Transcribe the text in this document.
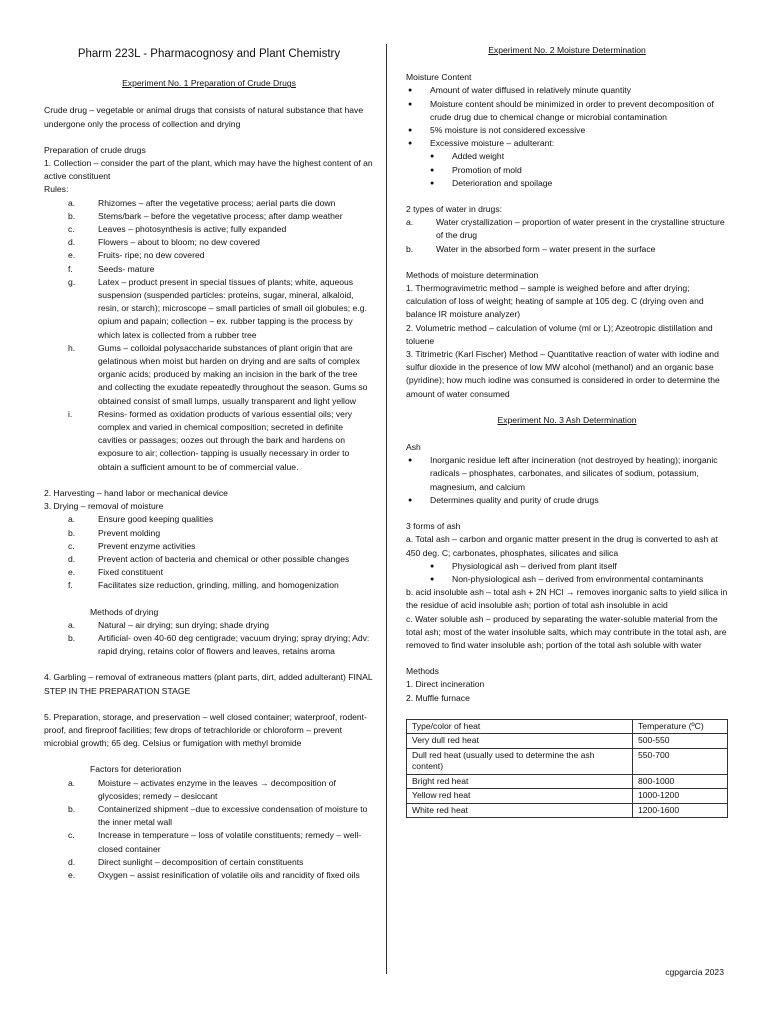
Pharm 223L - Pharmacognosy and Plant Chemistry

Experiment No. 1 Preparation of Crude Drugs

Crude drug – vegetable or animal drugs that consists of natural substance that have undergone only the process of collection and drying

Preparation of crude drugs

1. Collection – consider the part of the plant, which may have the highest content of an active constituent

Rules:

a.	Rhizomes – after the vegetative process; aerial parts die down
b.	Stems/bark – before the vegetative process; after damp weather
c.	Leaves – photosynthesis is active; fully expanded
d.	Flowers – about to bloom; no dew covered
e.	Fruits- ripe; no dew covered
f.	Seeds- mature
g.	Latex – product present in special tissues of plants; white, aqueous suspension (suspended particles: proteins, sugar, mineral, alkaloid, resin, or starch); microscope – small particles of small oil globules; e.g. opium and papain; collection – ex. rubber tapping is the process by which latex is collected from a rubber tree
h.	Gums – colloidal polysaccharide substances of plant origin that are gelatinous when moist but harden on drying and are salts of complex organic acids; produced by making an incision in the bark of the tree and collecting the exudate repeatedly throughout the season. Gums so obtained consist of small lumps, usually transparent and light yellow
i.	Resins- formed as oxidation products of various essential oils; very complex and varied in chemical composition; secreted in definite cavities or passages; oozes out through the bark and hardens on exposure to air; collection- tapping is usually necessary in order to obtain a sufficient amount to be of commercial value.

2. Harvesting – hand labor or mechanical device

3. Drying – removal of moisture

a.	Ensure good keeping qualities
b.	Prevent molding
c.	Prevent enzyme activities
d.	Prevent action of bacteria and chemical or other possible changes
e.	Fixed constituent
f.	Facilitates size reduction, grinding, milling, and homogenization

Methods of drying

a.	Natural – air drying; sun drying; shade drying
b.	Artificial- oven 40-60 deg centigrade; vacuum drying; spray drying; Adv: rapid drying, retains color of flowers and leaves, retains aroma

4. Garbling – removal of extraneous matters (plant parts, dirt, added adulterant) FINAL STEP IN THE PREPARATION STAGE

5. Preparation, storage, and preservation – well closed container; waterproof, rodent-proof, and fireproof facilities; few drops of tetrachloride or chloroform – prevent microbial growth; 65 deg. Celsius or fumigation with methyl bromide

Factors for deterioration

a.	Moisture – activates enzyme in the leaves → decomposition of glycosides; remedy – desiccant
b.	Containerized shipment –due to excessive condensation of moisture to the inner metal wall
c.	Increase in temperature – loss of volatile constituents; remedy – well-closed container
d.	Direct sunlight – decomposition of certain constituents
e.	Oxygen – assist resinification of volatile oils and rancidity of fixed oils

Experiment No. 2 Moisture Determination

Moisture Content

●	Amount of water diffused in relatively minute quantity
●	Moisture content should be minimized in order to prevent decomposition of crude drug due to chemical change or microbial contamination
●	5% moisture is not considered excessive
●	Excessive moisture – adulterant:
●	Added weight
●	Promotion of mold
●	Deterioration and spoilage

2 types of water in drugs:

a.	Water crystallization – proportion of water present in the crystalline structure of the drug
b.	Water in the absorbed form – water present in the surface

Methods of moisture determination

1. Thermogravimetric method – sample is weighed before and after drying; calculation of loss of weight; heating of sample at 105 deg. C (drying oven and balance IR moisture analyzer)

2. Volumetric method – calculation of volume (ml or L); Azeotropic distillation and toluene

3. Titrimetric (Karl Fischer) Method – Quantitative reaction of water with iodine and sulfur dioxide in the presence of low MW alcohol (methanol) and an organic base (pyridine); how much iodine was consumed is considered in order to determine the amount of water consumed

Experiment No. 3 Ash Determination

Ash

●	Inorganic residue left after incineration (not destroyed by heating); inorganic radicals – phosphates, carbonates, and silicates of sodium, potassium, magnesium, and calcium
●	Determines quality and purity of crude drugs

3 forms of ash

a. Total ash – carbon and organic matter present in the drug is converted to ash at 450 deg. C; carbonates, phosphates, silicates and silica

●	Physiological ash – derived from plant itself
●	Non-physiological ash – derived from environmental contaminants

b. acid insoluble ash – total ash + 2N HCl → removes inorganic salts to yield silica in the residue of acid insoluble ash; portion of total ash insoluble in acid

c. Water soluble ash – produced by separating the water-soluble material from the total ash; most of the water insoluble salts, which may contribute in the total ash, are removed to find water insoluble ash; portion of the total ash soluble with water

Methods

1. Direct incineration

2. Muffle furnace

Type/color of heat	Temperature (ºC)
Very dull red heat	500-550
Dull red heat (usually used to determine the ash content)	550-700
Bright red heat	800-1000
Yellow red heat	1000-1200
White red heat	1200-1600
cgpgarcia 2023
